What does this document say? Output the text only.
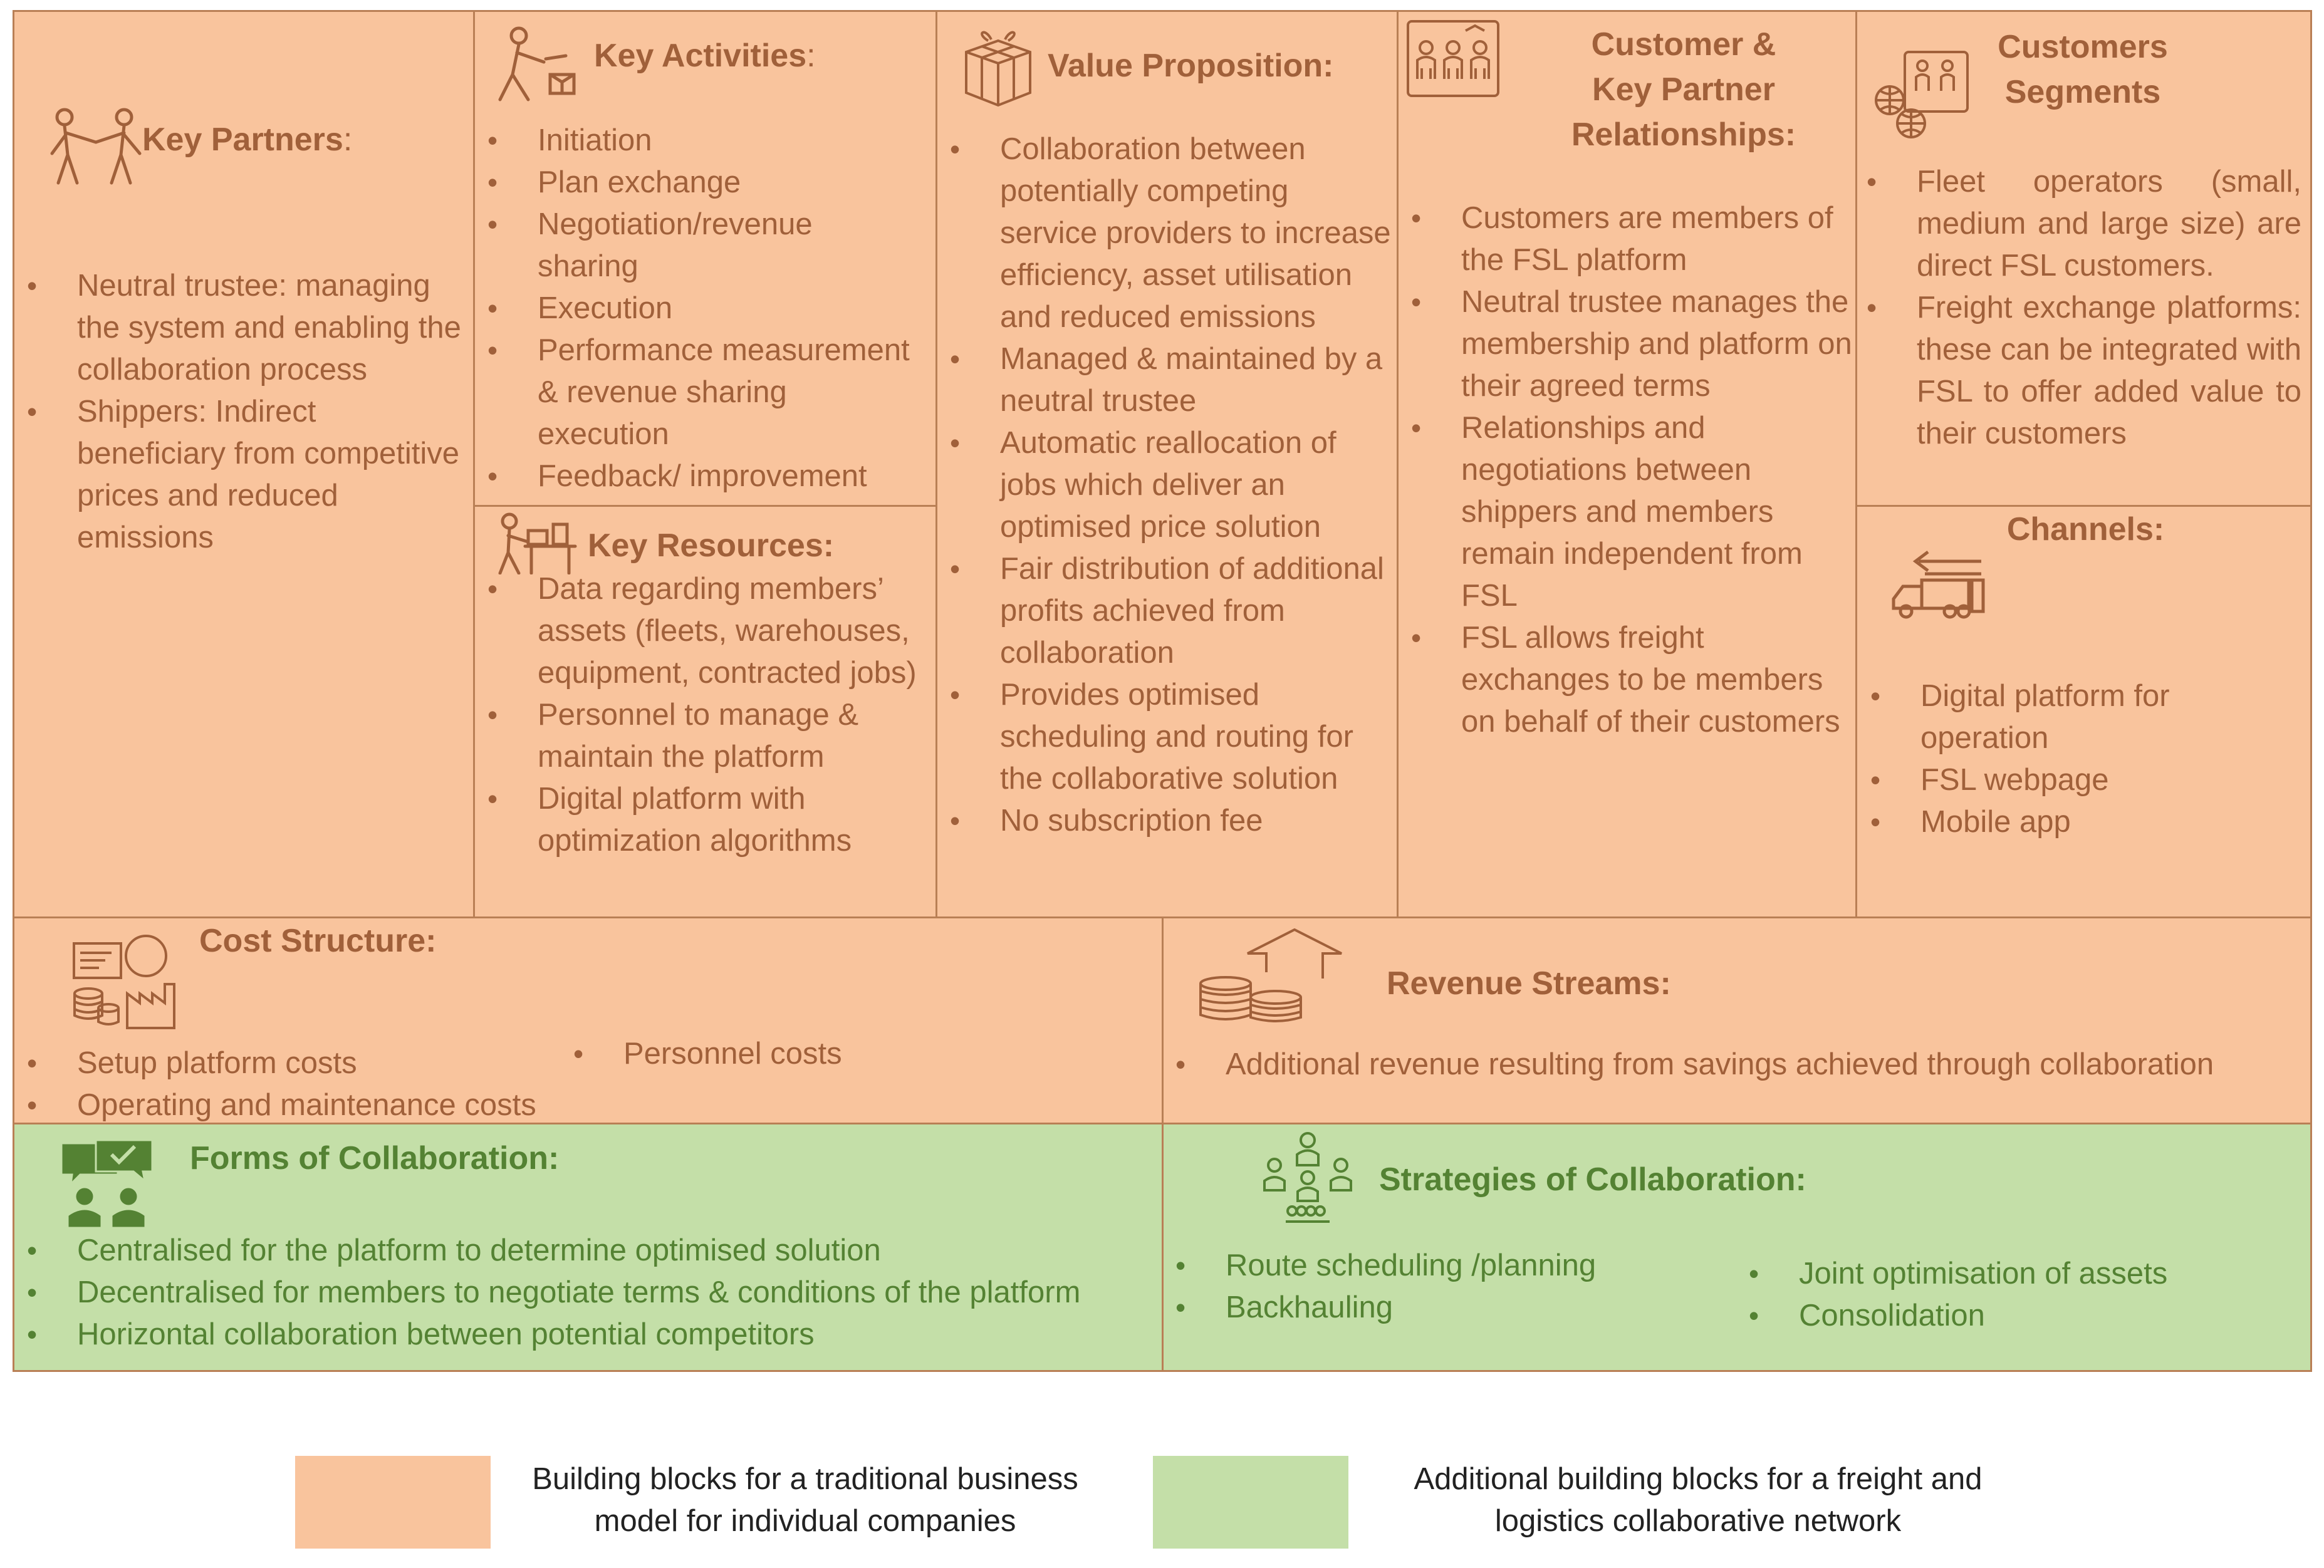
Key Partners:
• Neutral trustee: managing the system and enabling the collaboration process
• Shippers: Indirect beneficiary from competitive prices and reduced emissions
Key Activities:
• Initiation
• Plan exchange
• Negotiation/revenue sharing
• Execution
• Performance measurement & revenue sharing execution
• Feedback/ improvement
Key Resources:
• Data regarding members’ assets (fleets, warehouses, equipment, contracted jobs)
• Personnel to manage & maintain the platform
• Digital platform with optimization algorithms
Value Proposition:
• Collaboration between potentially competing service providers to increase efficiency, asset utilisation and reduced emissions
• Managed & maintained by a neutral trustee
• Automatic reallocation of jobs which deliver an optimised price solution
• Fair distribution of additional profits achieved from collaboration
• Provides optimised scheduling and routing for the collaborative solution
• No subscription fee
Customer &
Key Partner
Relationships:
• Customers are members of the FSL platform
• Neutral trustee manages the membership and platform on their agreed terms
• Relationships and negotiations between shippers and members remain independent from FSL
• FSL allows freight exchanges to be members on behalf of their customers
Customers
Segments
• Fleet operators (small, medium and large size) are direct FSL customers.
• Freight exchange platforms: these can be integrated with FSL to offer added value to their customers
Channels:
• Digital platform for operation
• FSL webpage
• Mobile app
Cost Structure:
• Setup platform costs
• Operating and maintenance costs
• Personnel costs
Revenue Streams:
• Additional revenue resulting from savings achieved through collaboration
Forms of Collaboration:
• Centralised for the platform to determine optimised solution
• Decentralised for members to negotiate terms & conditions of the platform
• Horizontal collaboration between potential competitors
Strategies of Collaboration:
• Route scheduling /planning
• Backhauling
• Joint optimisation of assets
• Consolidation
Building blocks for a traditional business model for individual companies
Additional building blocks for a freight and logistics collaborative network
